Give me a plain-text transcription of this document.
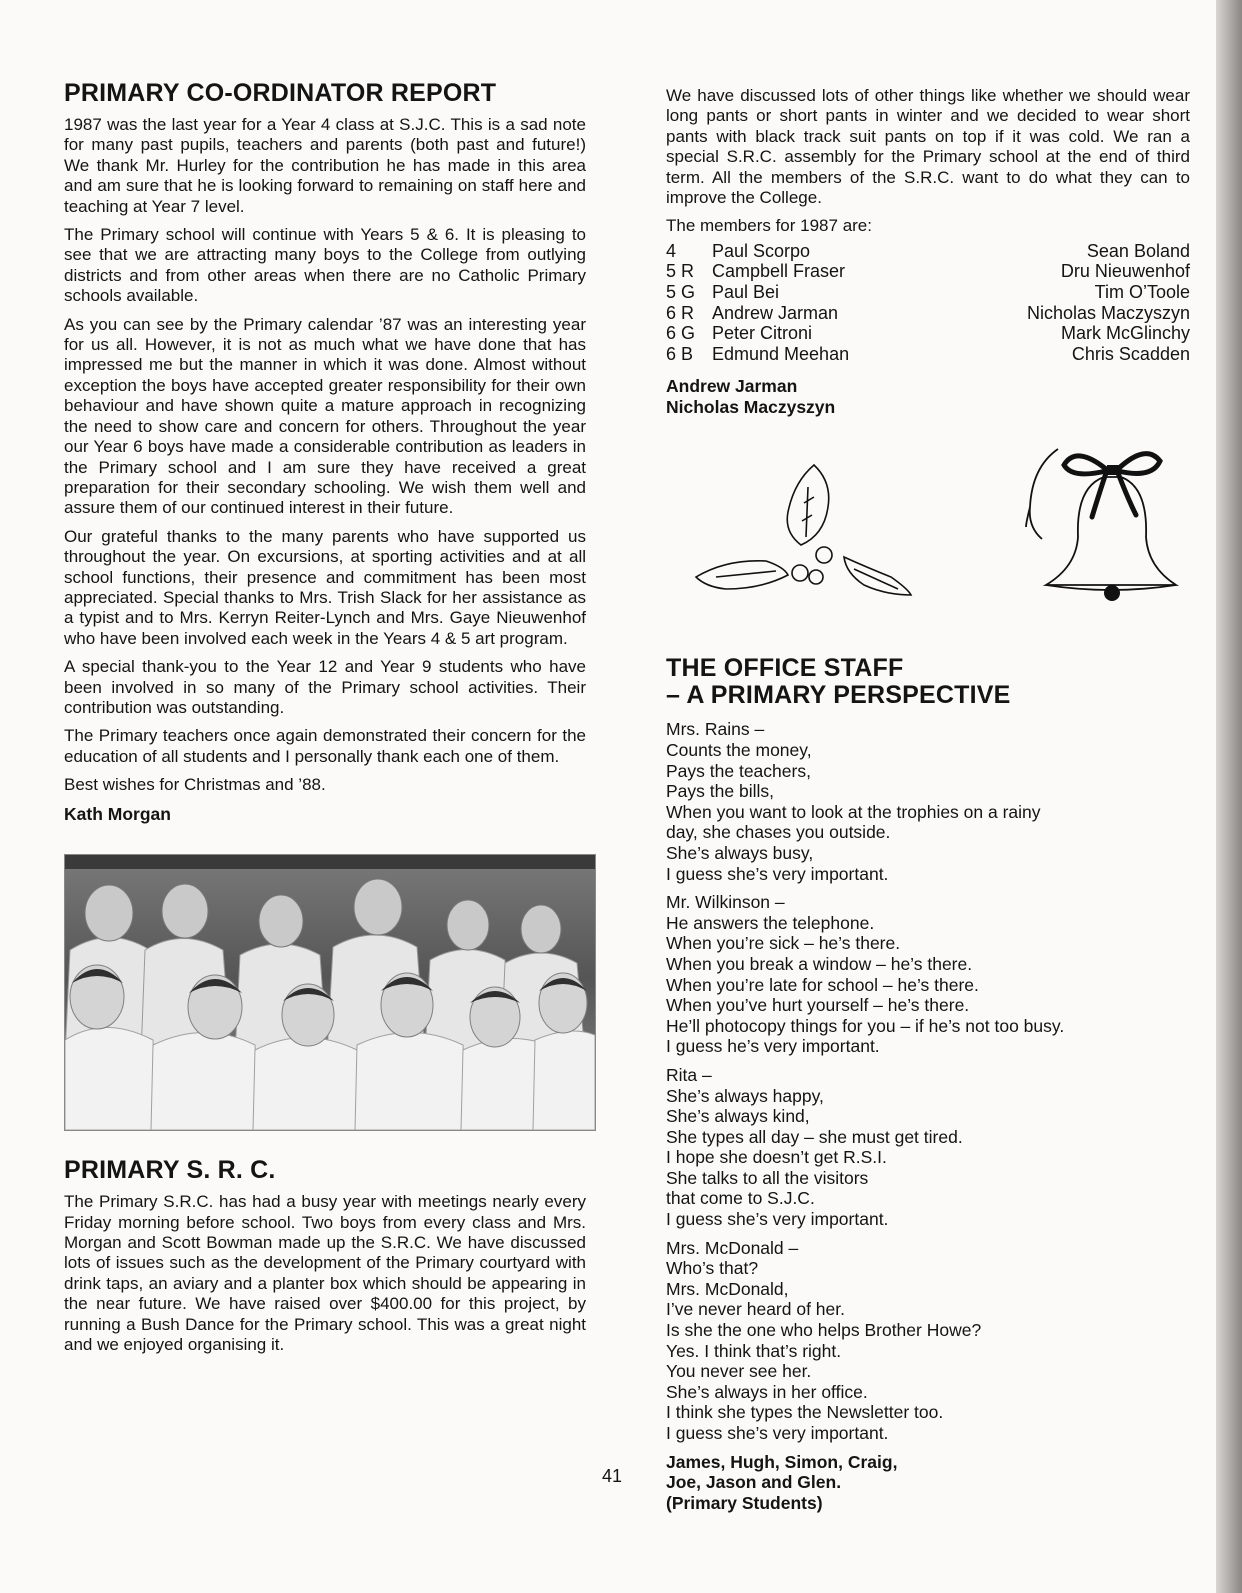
PRIMARY CO-ORDINATOR REPORT

1987 was the last year for a Year 4 class at S.J.C. This is a sad note for many past pupils, teachers and parents (both past and future!) We thank Mr. Hurley for the contribution he has made in this area and am sure that he is looking forward to remaining on staff here and teaching at Year 7 level.

The Primary school will continue with Years 5 & 6. It is pleasing to see that we are attracting many boys to the College from outlying districts and from other areas when there are no Catholic Primary schools available.

As you can see by the Primary calendar ’87 was an interesting year for us all. However, it is not as much what we have done that has impressed me but the manner in which it was done. Almost without exception the boys have accepted greater responsibility for their own behaviour and have shown quite a mature approach in recognizing the need to show care and concern for others. Throughout the year our Year 6 boys have made a considerable contribution as leaders in the Primary school and I am sure they have received a great preparation for their secondary schooling. We wish them well and assure them of our continued interest in their future.

Our grateful thanks to the many parents who have supported us throughout the year. On excursions, at sporting activities and at all school functions, their presence and commitment has been most appreciated. Special thanks to Mrs. Trish Slack for her assistance as a typist and to Mrs. Kerryn Reiter-Lynch and Mrs. Gaye Nieuwenhof who have been involved each week in the Years 4 & 5 art program.

A special thank-you to the Year 12 and Year 9 students who have been involved in so many of the Primary school activities. Their contribution was outstanding.

The Primary teachers once again demonstrated their concern for the education of all students and I personally thank each one of them.

Best wishes for Christmas and ’88.

Kath Morgan
PRIMARY S. R. C.

The Primary S.R.C. has had a busy year with meetings nearly every Friday morning before school. Two boys from every class and Mrs. Morgan and Scott Bowman made up the S.R.C. We have discussed lots of issues such as the development of the Primary courtyard with drink taps, an aviary and a planter box which should be appearing in the near future. We have raised over $400.00 for this project, by running a Bush Dance for the Primary school. This was a great night and we enjoyed organising it.

We have discussed lots of other things like whether we should wear long pants or short pants in winter and we decided to wear short pants with black track suit pants on top if it was cold. We ran a special S.R.C. assembly for the Primary school at the end of third term. All the members of the S.R.C. want to do what they can to improve the College.

The members for 1987 are:

4	Paul Scorpo	Sean Boland
5 R Campbell Fraser	Dru Nieuwenhof
5 G Paul Bei	Tim O’Toole
6 R Andrew Jarman	Nicholas Maczyszyn
6 G Peter Citroni	Mark McGlinchy
6 B	Edmund Meehan	Chris Scadden
Andrew Jarman
Nicholas Maczyszyn
THE OFFICE STAFF
– A PRIMARY PERSPECTIVE

Mrs. Rains –

Counts the money,

Pays the teachers,

Pays the bills,

When you want to look at the trophies on a rainy

day, she chases you outside.

She’s always busy,

I guess she’s very important.

Mr. Wilkinson –

He answers the telephone.

When you’re sick – he’s there.

When you break a window – he’s there.

When you’re late for school – he’s there.

When you’ve hurt yourself – he’s there.

He’ll photocopy things for you – if he’s not too busy.

I guess he’s very important.

Rita –

She’s always happy,

She’s always kind,

She types all day – she must get tired.

I hope she doesn’t get R.S.I.

She talks to all the visitors

that come to S.J.C.

I guess she’s very important.

Mrs. McDonald –

Who’s that?

Mrs. McDonald,

I’ve never heard of her.

Is she the one who helps Brother Howe?

Yes. I think that’s right.

You never see her.

She’s always in her office.

I think she types the Newsletter too.

I guess she’s very important.

James, Hugh, Simon, Craig,
Joe, Jason and Glen.
(Primary Students)
41
